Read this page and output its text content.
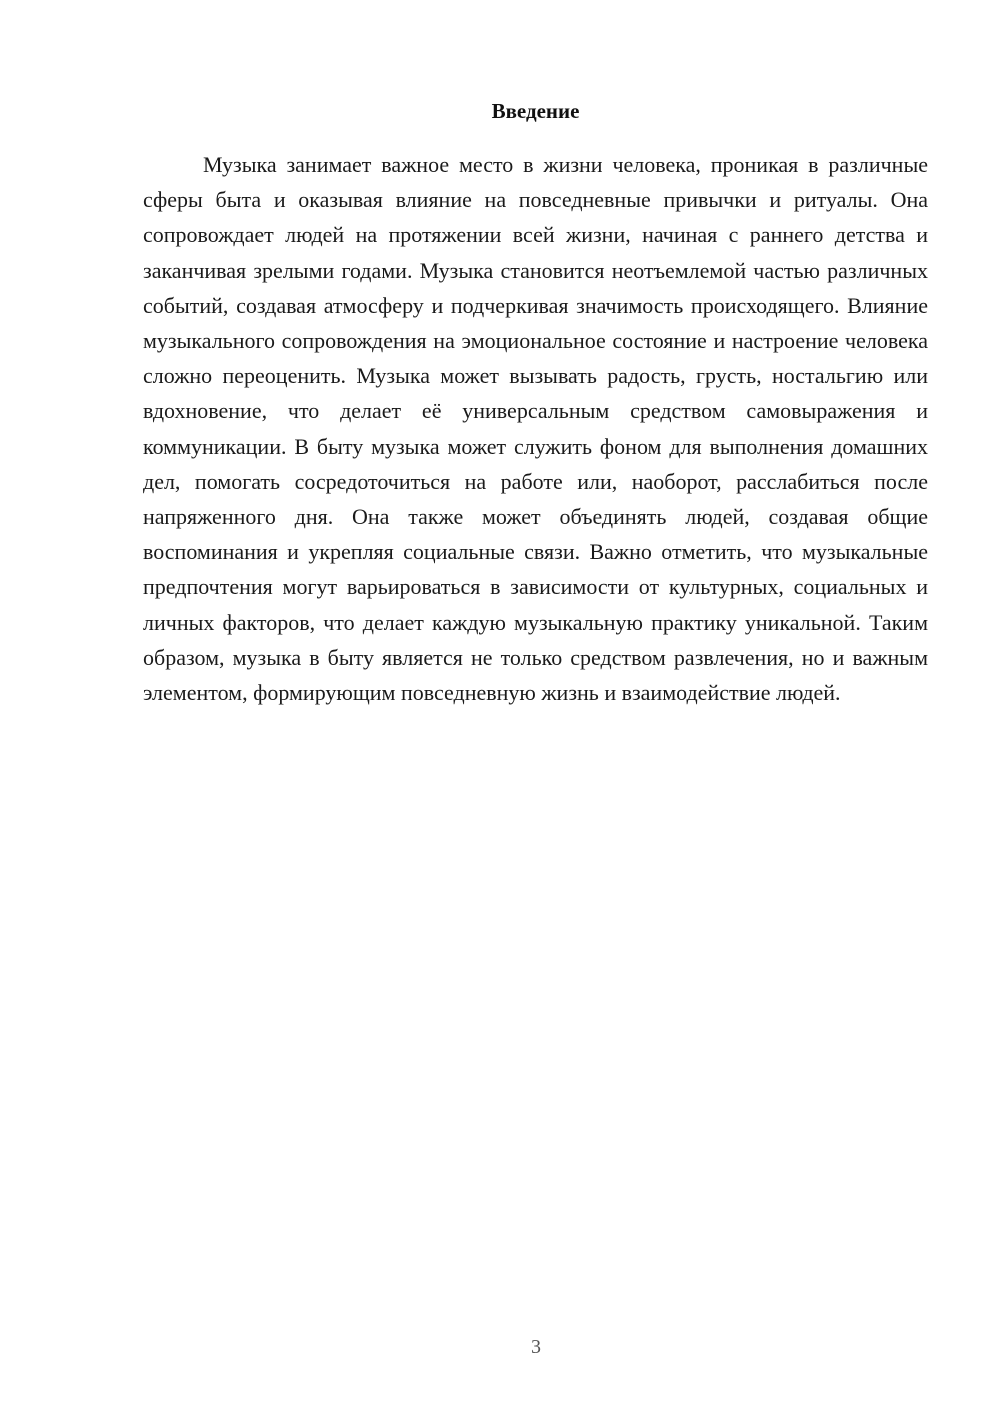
Введение

Музыка занимает важное место в жизни человека, проникая в различные сферы быта и оказывая влияние на повседневные привычки и ритуалы. Она сопровождает людей на протяжении всей жизни, начиная с раннего детства и заканчивая зрелыми годами. Музыка становится неотъемлемой частью различных событий, создавая атмосферу и подчеркивая значимость происходящего. Влияние музыкального сопровождения на эмоциональное состояние и настроение человека сложно переоценить. Музыка может вызывать радость, грусть, ностальгию или вдохновение, что делает её универсальным средством самовыражения и коммуникации. В быту музыка может служить фоном для выполнения домашних дел, помогать сосредоточиться на работе или, наоборот, расслабиться после напряженного дня. Она также может объединять людей, создавая общие воспоминания и укрепляя социальные связи. Важно отметить, что музыкальные предпочтения могут варьироваться в зависимости от культурных, социальных и личных факторов, что делает каждую музыкальную практику уникальной. Таким образом, музыка в быту является не только средством развлечения, но и важным элементом, формирующим повседневную жизнь и взаимодействие людей.

3
